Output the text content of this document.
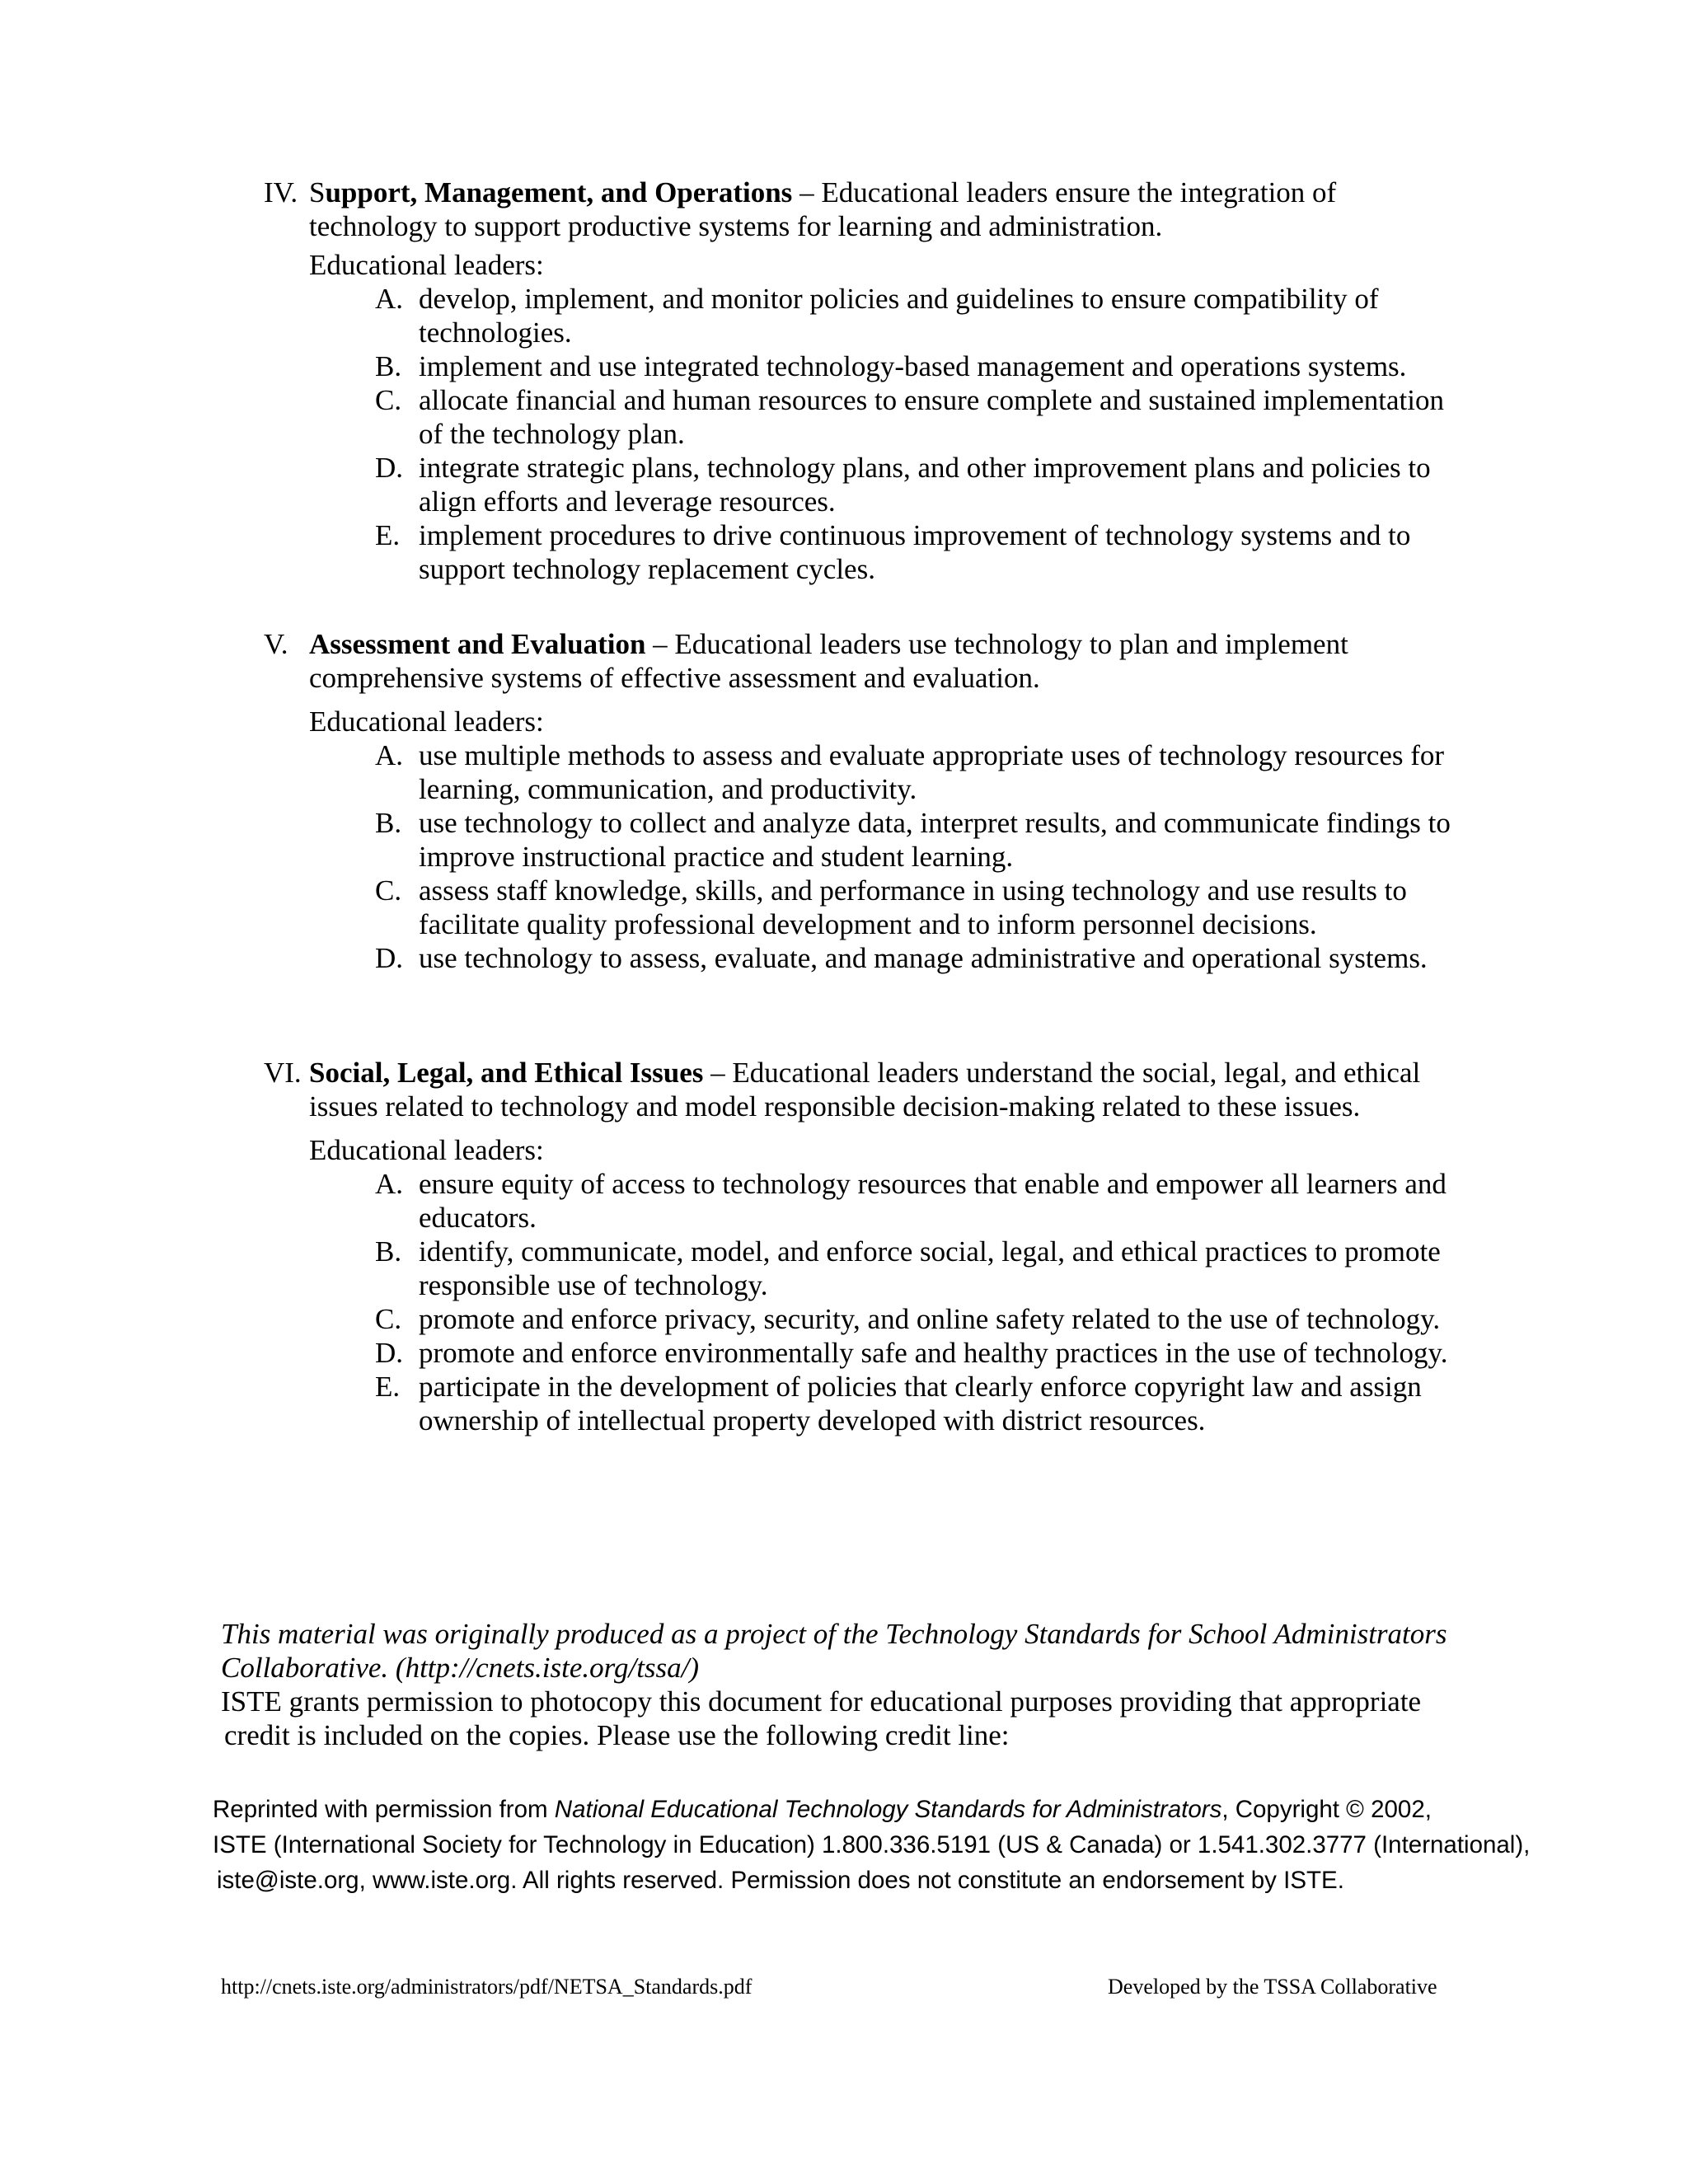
IV. Support, Management, and Operations – Educational leaders ensure the integration of technology to support productive systems for learning and administration.
Educational leaders:
A. develop, implement, and monitor policies and guidelines to ensure compatibility of technologies.
B. implement and use integrated technology-based management and operations systems.
C. allocate financial and human resources to ensure complete and sustained implementation of the technology plan.
D. integrate strategic plans, technology plans, and other improvement plans and policies to align efforts and leverage resources.
E. implement procedures to drive continuous improvement of technology systems and to support technology replacement cycles.
V. Assessment and Evaluation – Educational leaders use technology to plan and implement comprehensive systems of effective assessment and evaluation.
Educational leaders:
A. use multiple methods to assess and evaluate appropriate uses of technology resources for learning, communication, and productivity.
B. use technology to collect and analyze data, interpret results, and communicate findings to improve instructional practice and student learning.
C. assess staff knowledge, skills, and performance in using technology and use results to facilitate quality professional development and to inform personnel decisions.
D. use technology to assess, evaluate, and manage administrative and operational systems.
VI. Social, Legal, and Ethical Issues – Educational leaders understand the social, legal, and ethical issues related to technology and model responsible decision-making related to these issues.
Educational leaders:
A. ensure equity of access to technology resources that enable and empower all learners and educators.
B. identify, communicate, model, and enforce social, legal, and ethical practices to promote responsible use of technology.
C. promote and enforce privacy, security, and online safety related to the use of technology.
D. promote and enforce environmentally safe and healthy practices in the use of technology.
E. participate in the development of policies that clearly enforce copyright law and assign ownership of intellectual property developed with district resources.
This material was originally produced as a project of the Technology Standards for School Administrators
Collaborative. (http://cnets.iste.org/tssa/)
ISTE grants permission to photocopy this document for educational purposes providing that appropriate
credit is included on the copies. Please use the following credit line:
Reprinted with permission from National Educational Technology Standards for Administrators, Copyright © 2002,
ISTE (International Society for Technology in Education) 1.800.336.5191 (US & Canada) or 1.541.302.3777 (International),
iste@iste.org, www.iste.org. All rights reserved. Permission does not constitute an endorsement by ISTE.
http://cnets.iste.org/administrators/pdf/NETSA_Standards.pdf	Developed by the TSSA Collaborative
